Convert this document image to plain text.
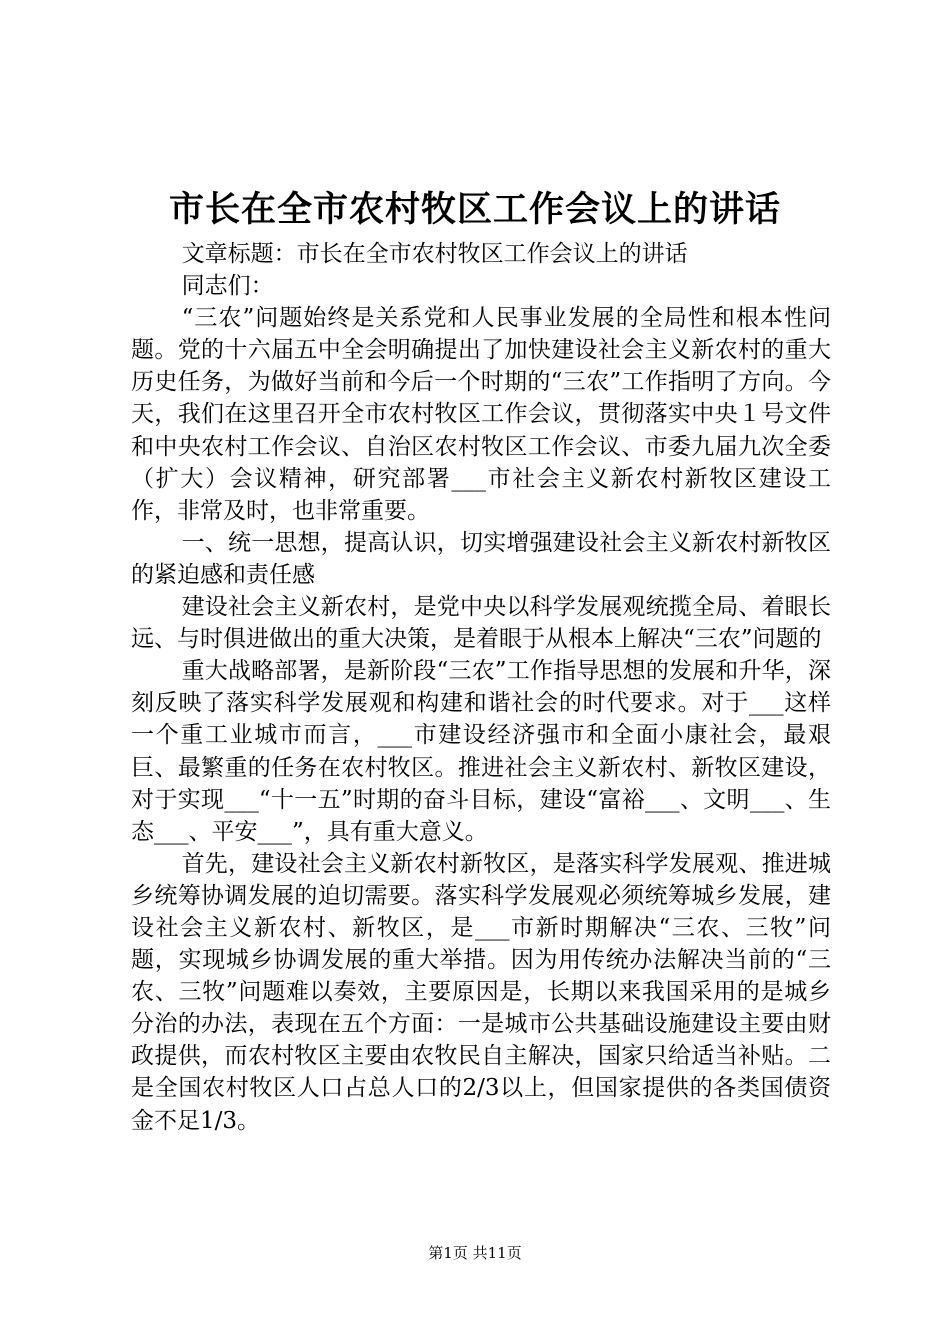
市长在全市农村牧区工作会议上的讲话

文章标题：市长在全市农村牧区工作会议上的讲话

同志们：

“三农”问题始终是关系党和人民事业发展的全局性和根本性问题。党的十六届五中全会明确提出了加快建设社会主义新农村的重大历史任务，为做好当前和今后一个时期的“三农”工作指明了方向。今天，我们在这里召开全市农村牧区工作会议，贯彻落实中央１号文件和中央农村工作会议、自治区农村牧区工作会议、市委九届九次全委（扩大）会议精神，研究部署___市社会主义新农村新牧区建设工作，非常及时，也非常重要。

一、统一思想，提高认识，切实增强建设社会主义新农村新牧区的紧迫感和责任感

建设社会主义新农村，是党中央以科学发展观统揽全局、着眼长远、与时俱进做出的重大决策，是着眼于从根本上解决“三农”问题的

重大战略部署，是新阶段“三农”工作指导思想的发展和升华，深刻反映了落实科学发展观和构建和谐社会的时代要求。对于___这样一个重工业城市而言，___市建设经济强市和全面小康社会，最艰巨、最繁重的任务在农村牧区。推进社会主义新农村、新牧区建设，对于实现___“十一五”时期的奋斗目标，建设“富裕___、文明___、生态___、平安___”，具有重大意义。

首先，建设社会主义新农村新牧区，是落实科学发展观、推进城乡统筹协调发展的迫切需要。落实科学发展观必须统筹城乡发展，建设社会主义新农村、新牧区，是___市新时期解决“三农、三牧”问题，实现城乡协调发展的重大举措。因为用传统办法解决当前的“三农、三牧”问题难以奏效，主要原因是，长期以来我国采用的是城乡分治的办法，表现在五个方面：一是城市公共基础设施建设主要由财政提供，而农村牧区主要由农牧民自主解决，国家只给适当补贴。二是全国农村牧区人口占总人口的2/3以上，但国家提供的各类国债资金不足1/3。

第1页 共11页
